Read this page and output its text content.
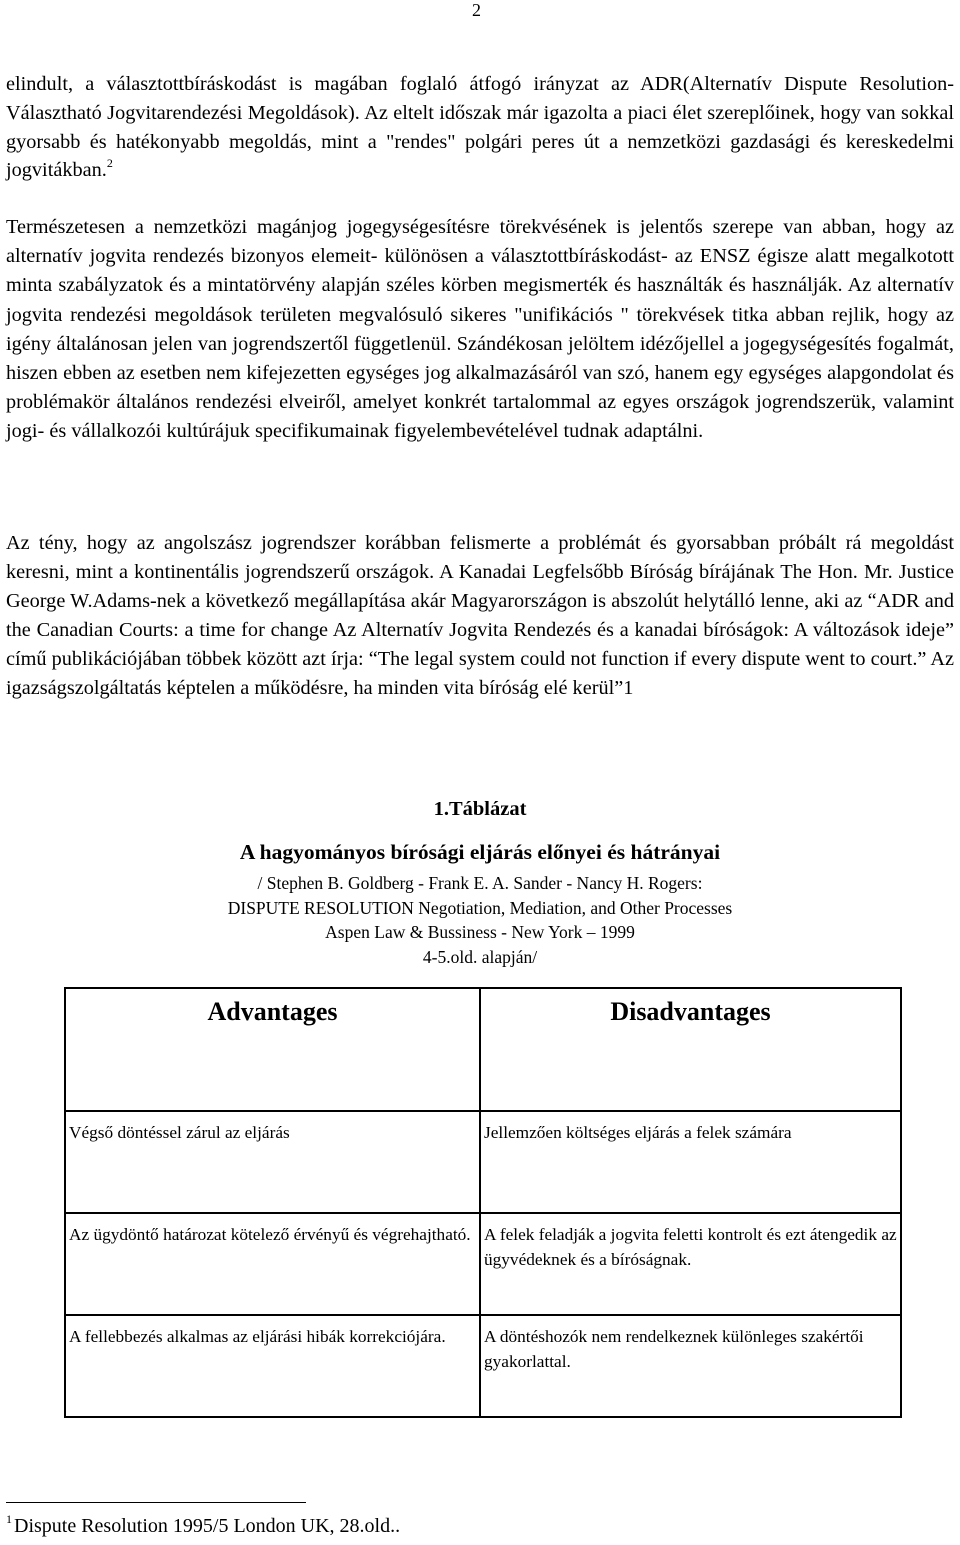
2

elindult, a választottbíráskodást is magában foglaló átfogó irányzat az ADR(Alternatív Dispute Resolution-Választható Jogvitarendezési Megoldások). Az eltelt időszak már igazolta a piaci élet szereplőinek, hogy van sokkal gyorsabb és hatékonyabb megoldás, mint a "rendes" polgári peres út a nemzetközi gazdasági és kereskedelmi jogvitákban.$^2$

Természetesen a nemzetközi magánjog jogegységesítésre törekvésének is jelentős szerepe van abban, hogy az alternatív jogvita rendezés bizonyos elemeit- különösen a választottbíráskodást- az ENSZ égisze alatt megalkotott minta szabályzatok és a mintatörvény alapján széles körben megismerték és használták és használják. Az alternatív jogvita rendezési megoldások területen megvalósuló sikeres "unifikációs " törekvések titka abban rejlik, hogy az igény általánosan jelen van jogrendszertől függetlenül. Szándékosan jelöltem idézőjellel a jogegységesítés fogalmát, hiszen ebben az esetben nem kifejezetten egységes jog alkalmazásáról van szó, hanem egy egységes alapgondolat és problémakör általános rendezési elveiről, amelyet konkrét tartalommal az egyes országok jogrendszerük, valamint jogi- és vállalkozói kultúrájuk specifikumainak figyelembevételével tudnak adaptálni.

Az tény, hogy az angolszász jogrendszer korábban felismerte a problémát és gyorsabban próbált rá megoldást keresni, mint a kontinentális jogrendszerű országok. A Kanadai Legfelsőbb Bíróság bírájának The Hon. Mr. Justice George W.Adams-nek a következő megállapítása akár Magyarországon is abszolút helytálló lenne, aki az “ADR and the Canadian Courts: a time for change Az Alternatív Jogvita Rendezés és a kanadai bíróságok: A változások ideje” című publikációjában többek között azt írja: “The legal system could not function if every dispute went to court.” Az igazságszolgáltatás képtelen a működésre, ha minden vita bíróság elé kerül”1

1.Táblázat
A hagyományos bírósági eljárás előnyei és hátrányai
/ Stephen B. Goldberg - Frank E. A. Sander - Nancy H. Rogers:
DISPUTE RESOLUTION Negotiation, Mediation, and Other Processes
Aspen Law & Bussiness - New York – 1999
4-5.old. alapján/
Advantages	Disadvantages
Végső döntéssel zárul az eljárás	Jellemzően költséges eljárás a felek számára
Az ügydöntő határozat kötelező érvényű és végrehajtható.	A felek feladják a jogvita feletti kontrolt és ezt átengedik az ügyvédeknek és a bíróságnak.
A fellebbezés alkalmas az eljárási hibák korrekciójára.	A döntéshozók nem rendelkeznek különleges szakértői gyakorlattal.
$^1$ Dispute Resolution 1995/5 London UK, 28.old..
